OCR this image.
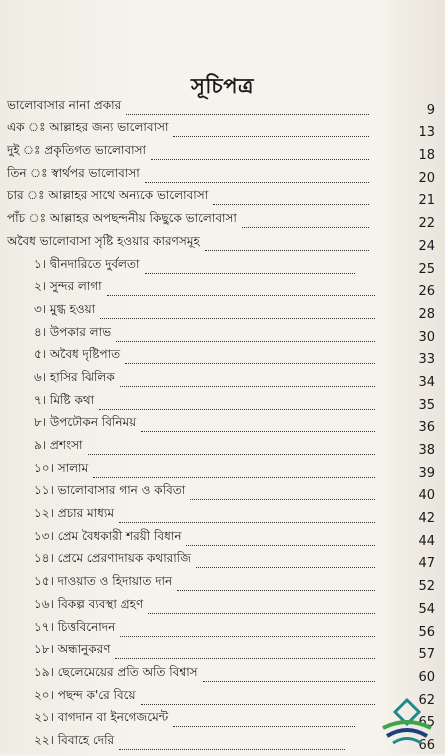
সূচিপত্র
ভালোবাসার নানা প্রকার	9
এক ঃ আল্লাহর জন্য ভালোবাসা	13
দুই ঃ প্রকৃতিগত ভালোবাসা	18
তিন ঃ স্বার্থপর ভালোবাসা	20
চার ঃ আল্লাহর সাথে অন্যকে ভালোবাসা	21
পাঁচ ঃ আল্লাহর অপছন্দনীয় কিছুকে ভালোবাসা	22
অবৈধ ভালোবাসা সৃষ্টি হওয়ার কারণসমূহ	24
১। দ্বীনদারিতে দুর্বলতা	25
২। সুন্দর লাগা	26
৩। মুগ্ধ হওয়া	28
৪। উপকার লাভ	30
৫। অবৈধ দৃষ্টিপাত	33
৬। হাসির ঝিলিক	34
৭। মিষ্টি কথা	35
৮। উপঢৌকন বিনিময়	36
৯। প্রশংসা	38
১০। সালাম	39
১১। ভালোবাসার গান ও কবিতা	40
১২। প্রচার মাধ্যম	42
১৩। প্রেম বৈধকারী শরয়ী বিধান	44
১৪। প্রেমে প্রেরণাদায়ক কথারাজি	47
১৫। দাওয়াত ও হিদায়াত দান	52
১৬। বিকল্প ব্যবস্থা গ্রহণ	54
১৭। চিত্তবিনোদন	56
১৮। অন্ধানুকরণ	57
১৯। ছেলেমেয়ের প্রতি অতি বিশ্বাস	60
২০। পছন্দ ক'রে বিয়ে	62
২১। বাগদান বা ইনগেজমেন্ট	65
২২। বিবাহে দেরি	66
